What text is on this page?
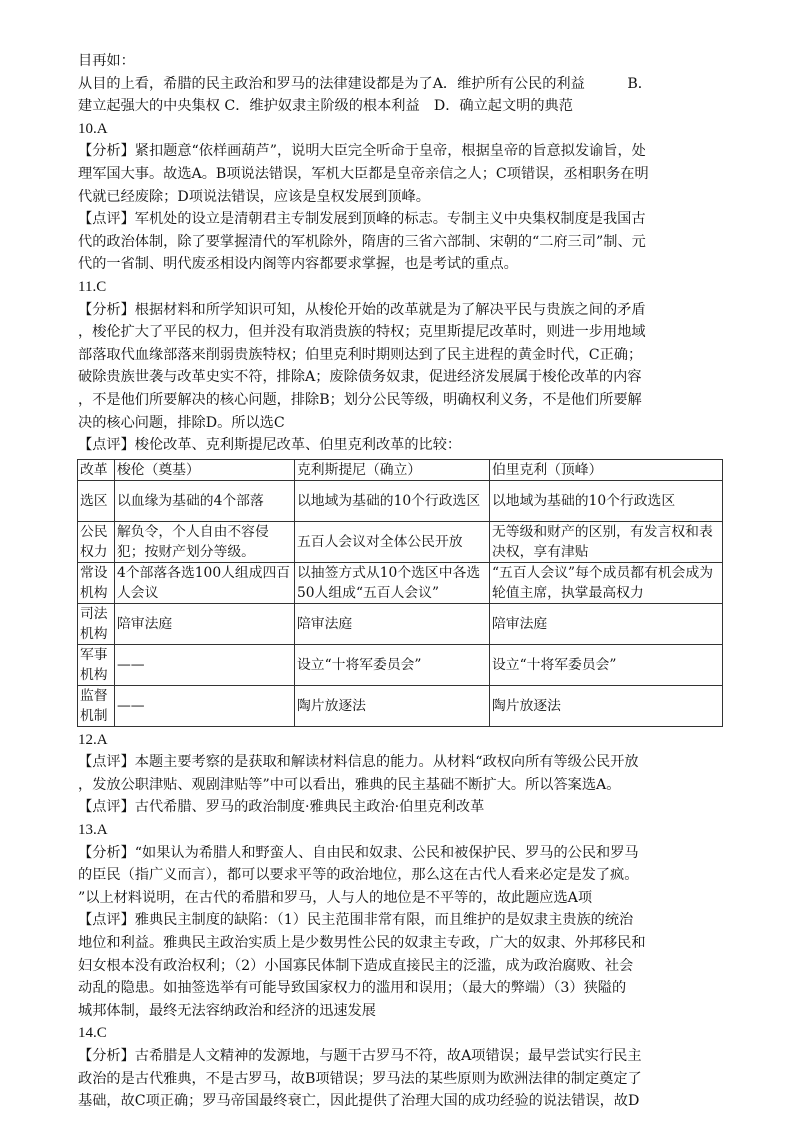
目再如：
从目的上看，希腊的民主政治和罗马的法律建设都是为了A．维护所有公民的利益　　　B．
建立起强大的中央集权 C．维护奴隶主阶级的根本利益　D．确立起文明的典范
10.A
【分析】紧扣题意“依样画葫芦”，说明大臣完全听命于皇帝，根据皇帝的旨意拟发谕旨，处
理军国大事。故选A。B项说法错误，军机大臣都是皇帝亲信之人；C项错误，丞相职务在明
代就已经废除；D项说法错误，应该是皇权发展到顶峰。
【点评】军机处的设立是清朝君主专制发展到顶峰的标志。专制主义中央集权制度是我国古
代的政治体制，除了要掌握清代的军机除外，隋唐的三省六部制、宋朝的“二府三司”制、元
代的一省制、明代废丞相设内阁等内容都要求掌握，也是考试的重点。
11.C
【分析】根据材料和所学知识可知，从梭伦开始的改革就是为了解决平民与贵族之间的矛盾
，梭伦扩大了平民的权力，但并没有取消贵族的特权；克里斯提尼改革时，则进一步用地域
部落取代血缘部落来削弱贵族特权；伯里克利时期则达到了民主进程的黄金时代，C正确；
破除贵族世袭与改革史实不符，排除A；废除债务奴隶，促进经济发展属于梭伦改革的内容
，不是他们所要解决的核心问题，排除B；划分公民等级，明确权利义务，不是他们所要解
决的核心问题，排除D。所以选C
【点评】梭伦改革、克利斯提尼改革、伯里克利改革的比较：
改革	梭伦（奠基）	克利斯提尼（确立）	伯里克利（顶峰）
选区	以血缘为基础的4个部落	以地域为基础的10个行政选区	以地域为基础的10个行政选区
公民权力	解负令，个人自由不容侵犯；按财产划分等级。	五百人会议对全体公民开放	无等级和财产的区别，有发言权和表决权，享有津贴
常设机构	4个部落各选100人组成四百人会议	以抽签方式从10个选区中各选50人组成“五百人会议”	“五百人会议”每个成员都有机会成为轮值主席，执掌最高权力
司法机构	陪审法庭	陪审法庭	陪审法庭
军事机构	——	设立“十将军委员会”	设立“十将军委员会”
监督机制	——	陶片放逐法	陶片放逐法
12.A
【点评】本题主要考察的是获取和解读材料信息的能力。从材料“政权向所有等级公民开放
，发放公职津贴、观剧津贴等”中可以看出，雅典的民主基础不断扩大。所以答案选A。
【点评】古代希腊、罗马的政治制度·雅典民主政治·伯里克利改革
13.A
【分析】“如果认为希腊人和野蛮人、自由民和奴隶、公民和被保护民、罗马的公民和罗马
的臣民（指广义而言），都可以要求平等的政治地位，那么这在古代人看来必定是发了疯。
”以上材料说明，在古代的希腊和罗马，人与人的地位是不平等的，故此题应选A项
【点评】雅典民主制度的缺陷：（1）民主范围非常有限，而且维护的是奴隶主贵族的统治
地位和利益。雅典民主政治实质上是少数男性公民的奴隶主专政，广大的奴隶、外邦移民和
妇女根本没有政治权利；（2）小国寡民体制下造成直接民主的泛滥，成为政治腐败、社会
动乱的隐患。如抽签选举有可能导致国家权力的滥用和误用；（最大的弊端）（3）狭隘的
城邦体制，最终无法容纳政治和经济的迅速发展
14.C
【分析】古希腊是人文精神的发源地，与题干古罗马不符，故A项错误；最早尝试实行民主
政治的是古代雅典，不是古罗马，故B项错误；罗马法的某些原则为欧洲法律的制定奠定了
基础，故C项正确；罗马帝国最终衰亡，因此提供了治理大国的成功经验的说法错误，故D
